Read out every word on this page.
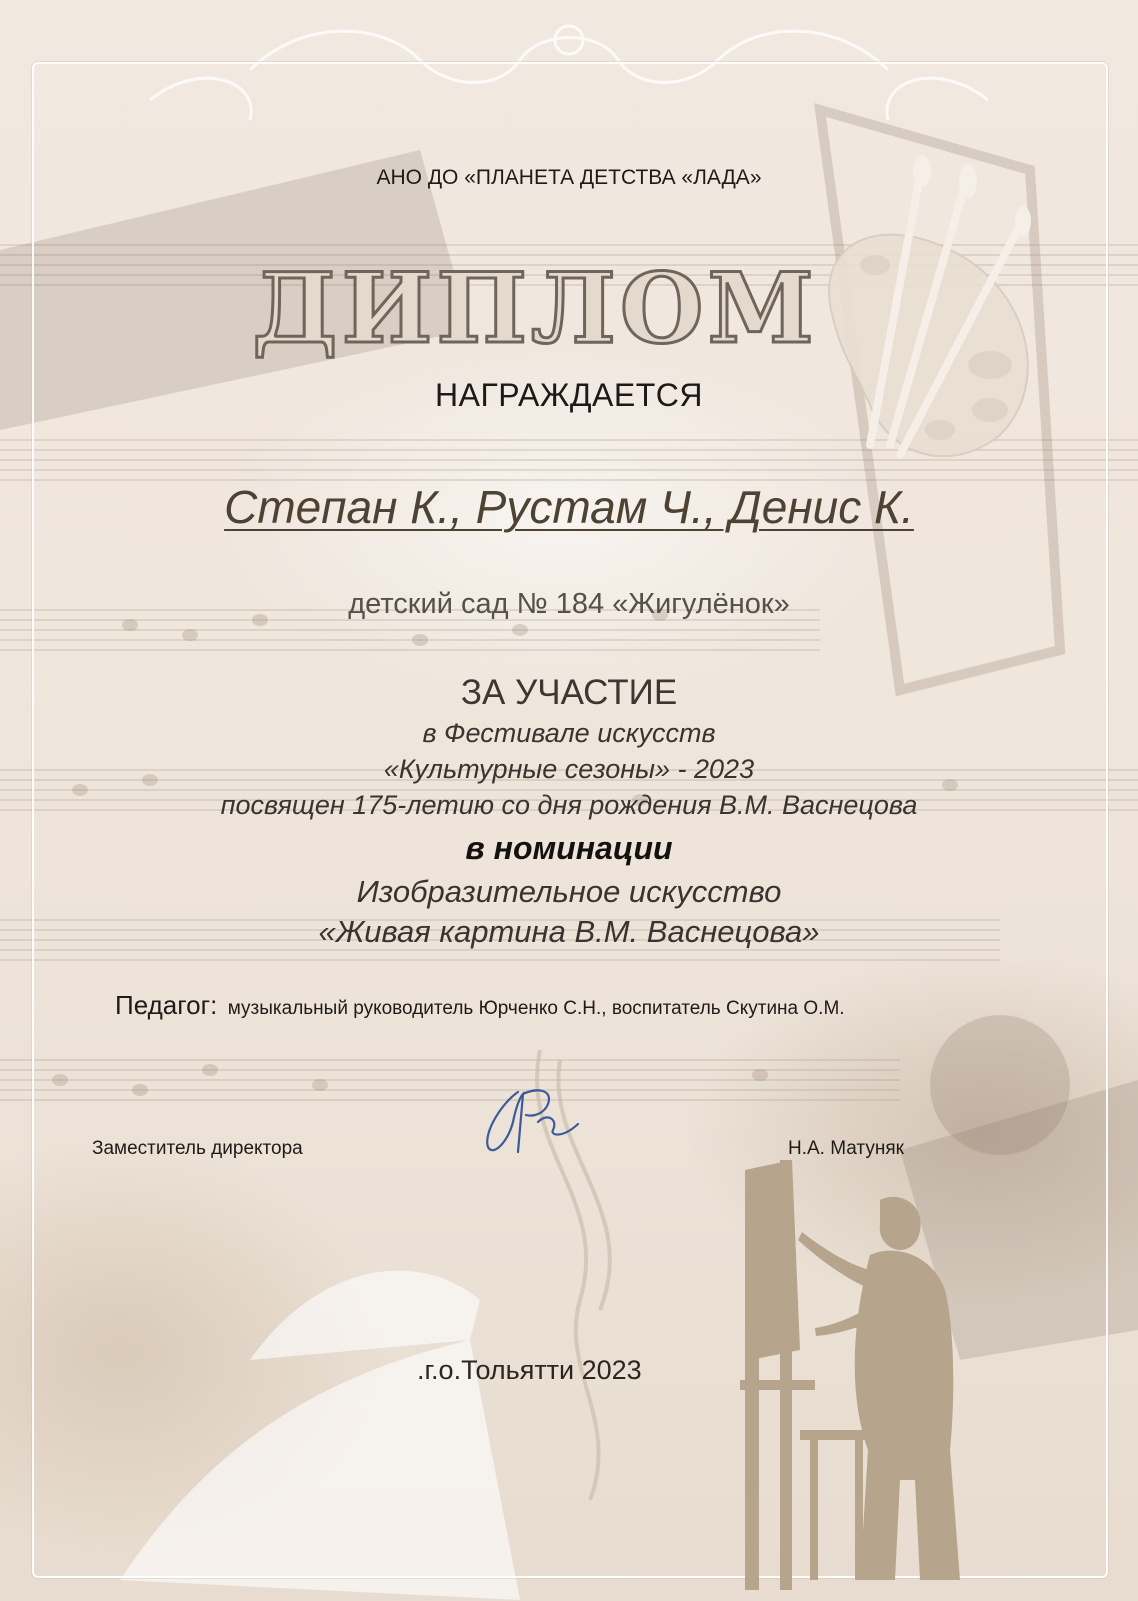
АНО ДО «ПЛАНЕТА ДЕТСТВА «ЛАДА»

ДИПЛОМ

НАГРАЖДАЕТСЯ

Степан К., Рустам Ч., Денис К.

детский сад № 184 «Жигулёнок»

ЗА УЧАСТИЕ

в Фестивале искусств

«Культурные сезоны» - 2023

посвящен 175-летию со дня рождения В.М. Васнецова

в номинации

Изобразительное искусство

«Живая картина В.М. Васнецова»

Педагог: музыкальный руководитель Юрченко С.Н., воспитатель Скутина О.М.
Заместитель директора	Н.А. Матуняк
.г.о.Тольятти 2023
